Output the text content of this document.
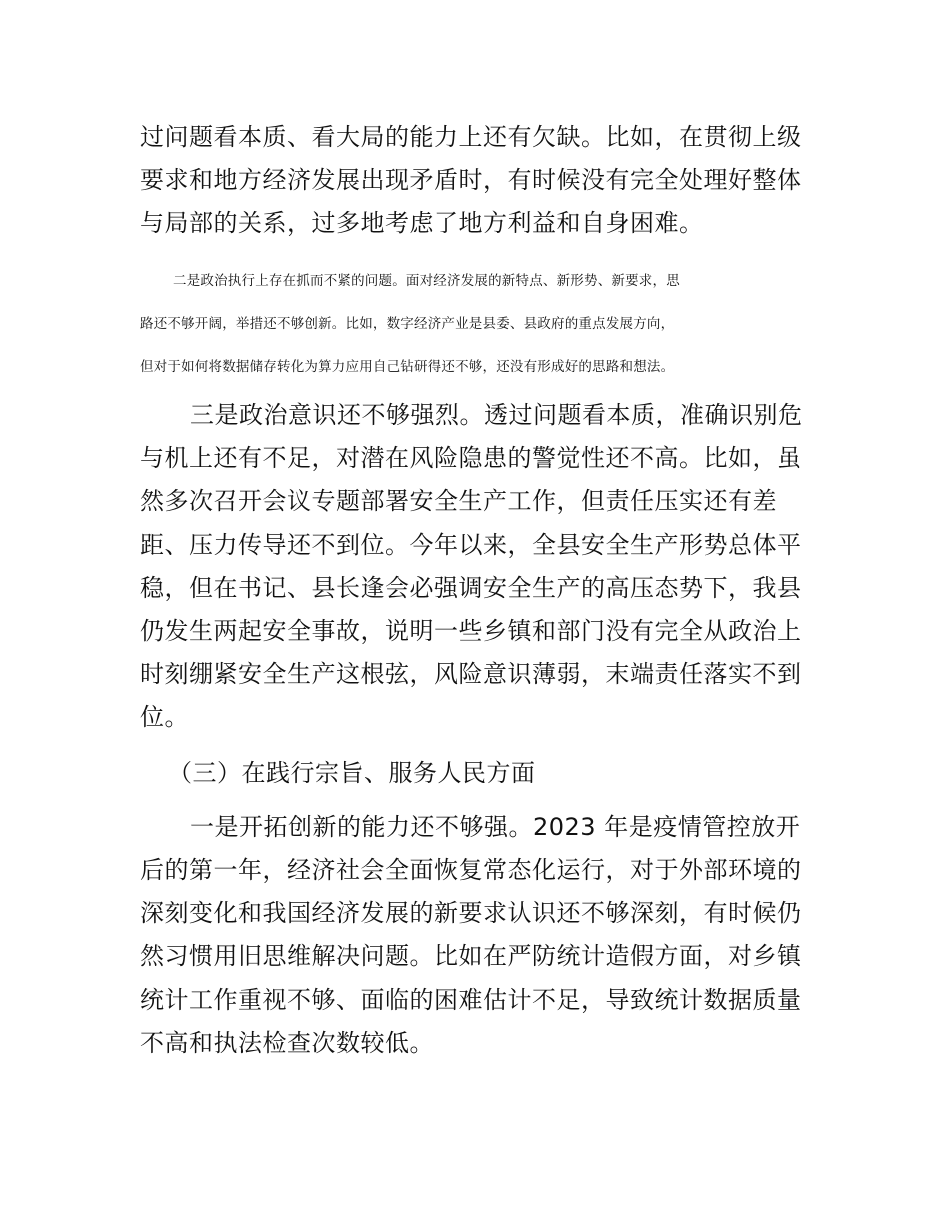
过问题看本质、看大局的能力上还有欠缺。比如，在贯彻上级

要求和地方经济发展出现矛盾时，有时候没有完全处理好整体

与局部的关系，过多地考虑了地方利益和自身困难。

二是政治执行上存在抓而不紧的问题。面对经济发展的新特点、新形势、新要求，思

路还不够开阔，举措还不够创新。比如，数字经济产业是县委、县政府的重点发展方向，

但对于如何将数据储存转化为算力应用自己钻研得还不够，还没有形成好的思路和想法。

三是政治意识还不够强烈。透过问题看本质，准确识别危

与机上还有不足，对潜在风险隐患的警觉性还不高。比如，虽

然多次召开会议专题部署安全生产工作，但责任压实还有差

距、压力传导还不到位。今年以来，全县安全生产形势总体平

稳，但在书记、县长逢会必强调安全生产的高压态势下，我县

仍发生两起安全事故，说明一些乡镇和部门没有完全从政治上

时刻绷紧安全生产这根弦，风险意识薄弱，末端责任落实不到

位。

（三）在践行宗旨、服务人民方面

一是开拓创新的能力还不够强。2023 年是疫情管控放开

后的第一年，经济社会全面恢复常态化运行，对于外部环境的

深刻变化和我国经济发展的新要求认识还不够深刻，有时候仍

然习惯用旧思维解决问题。比如在严防统计造假方面，对乡镇

统计工作重视不够、面临的困难估计不足，导致统计数据质量

不高和执法检查次数较低。
